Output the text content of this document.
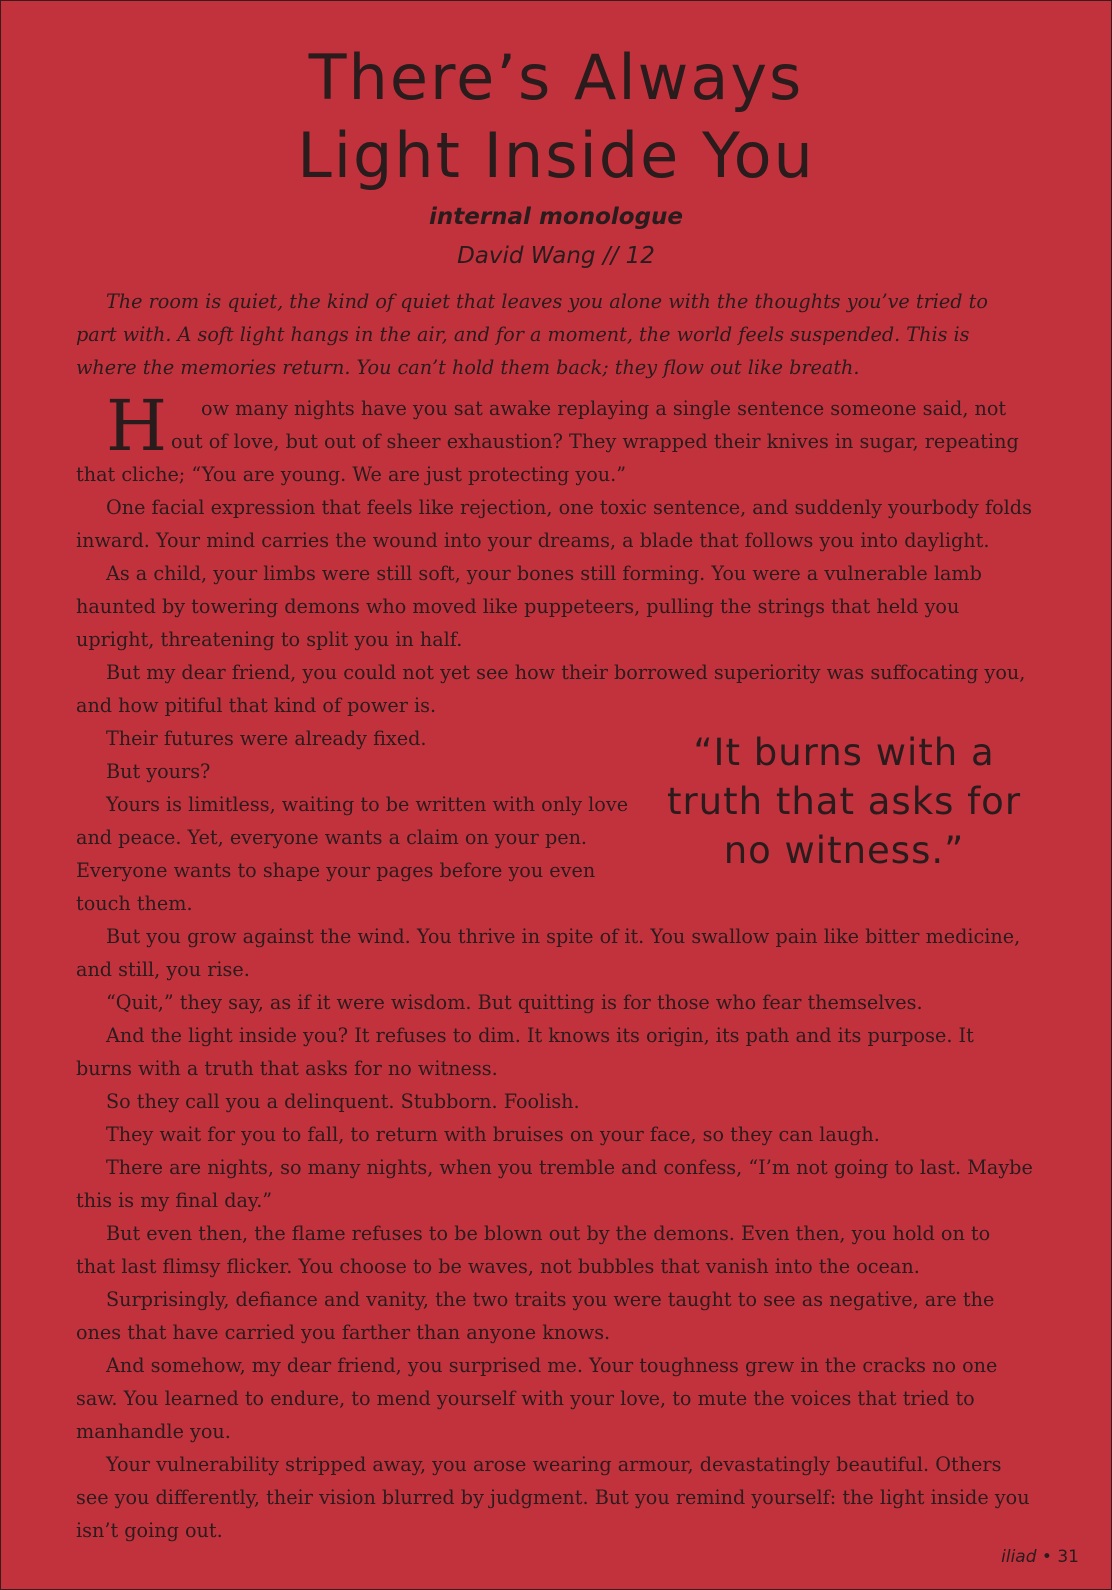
There’s Always
Light Inside You
internal monologue
David Wang // 12

The room is quiet, the kind of quiet that leaves you alone with the thoughts you’ve tried to part with. A soft light hangs in the air, and for a moment, the world feels suspended. This is where the memories return. You can’t hold them back; they flow out like breath.

H ow many nights have you sat awake replaying a single sentence someone said, not out of love, but out of sheer exhaustion? They wrapped their knives in sugar, repeating that cliche; “You are young. We are just protecting you.”

One facial expression that feels like rejection, one toxic sentence, and suddenly yourbody folds inward. Your mind carries the wound into your dreams, a blade that follows you into daylight.

As a child, your limbs were still soft, your bones still forming. You were a vulnerable lamb haunted by towering demons who moved like puppeteers, pulling the strings that held you upright, threatening to split you in half.

But my dear friend, you could not yet see how their borrowed superiority was suffocating you, and how pitiful that kind of power is.

“It burns with a truth that asks for no witness.”

Their futures were already fixed.

But yours?

Yours is limitless, waiting to be written with only love and peace. Yet, everyone wants a claim on your pen. Everyone wants to shape your pages before you even touch them.

But you grow against the wind. You thrive in spite of it. You swallow pain like bitter medicine, and still, you rise.

“Quit,” they say, as if it were wisdom. But quitting is for those who fear themselves.

And the light inside you? It refuses to dim. It knows its origin, its path and its purpose. It burns with a truth that asks for no witness.

So they call you a delinquent. Stubborn. Foolish.

They wait for you to fall, to return with bruises on your face, so they can laugh.

There are nights, so many nights, when you tremble and confess, “I’m not going to last. Maybe this is my final day.”

But even then, the flame refuses to be blown out by the demons. Even then, you hold on to that last flimsy flicker. You choose to be waves, not bubbles that vanish into the ocean.

Surprisingly, defiance and vanity, the two traits you were taught to see as negative, are the ones that have carried you farther than anyone knows.

And somehow, my dear friend, you surprised me. Your toughness grew in the cracks no one saw. You learned to endure, to mend yourself with your love, to mute the voices that tried to manhandle you.

Your vulnerability stripped away, you arose wearing armour, devastatingly beautiful. Others see you differently, their vision blurred by judgment. But you remind yourself: the light inside you isn’t going out.

iliad • 31
